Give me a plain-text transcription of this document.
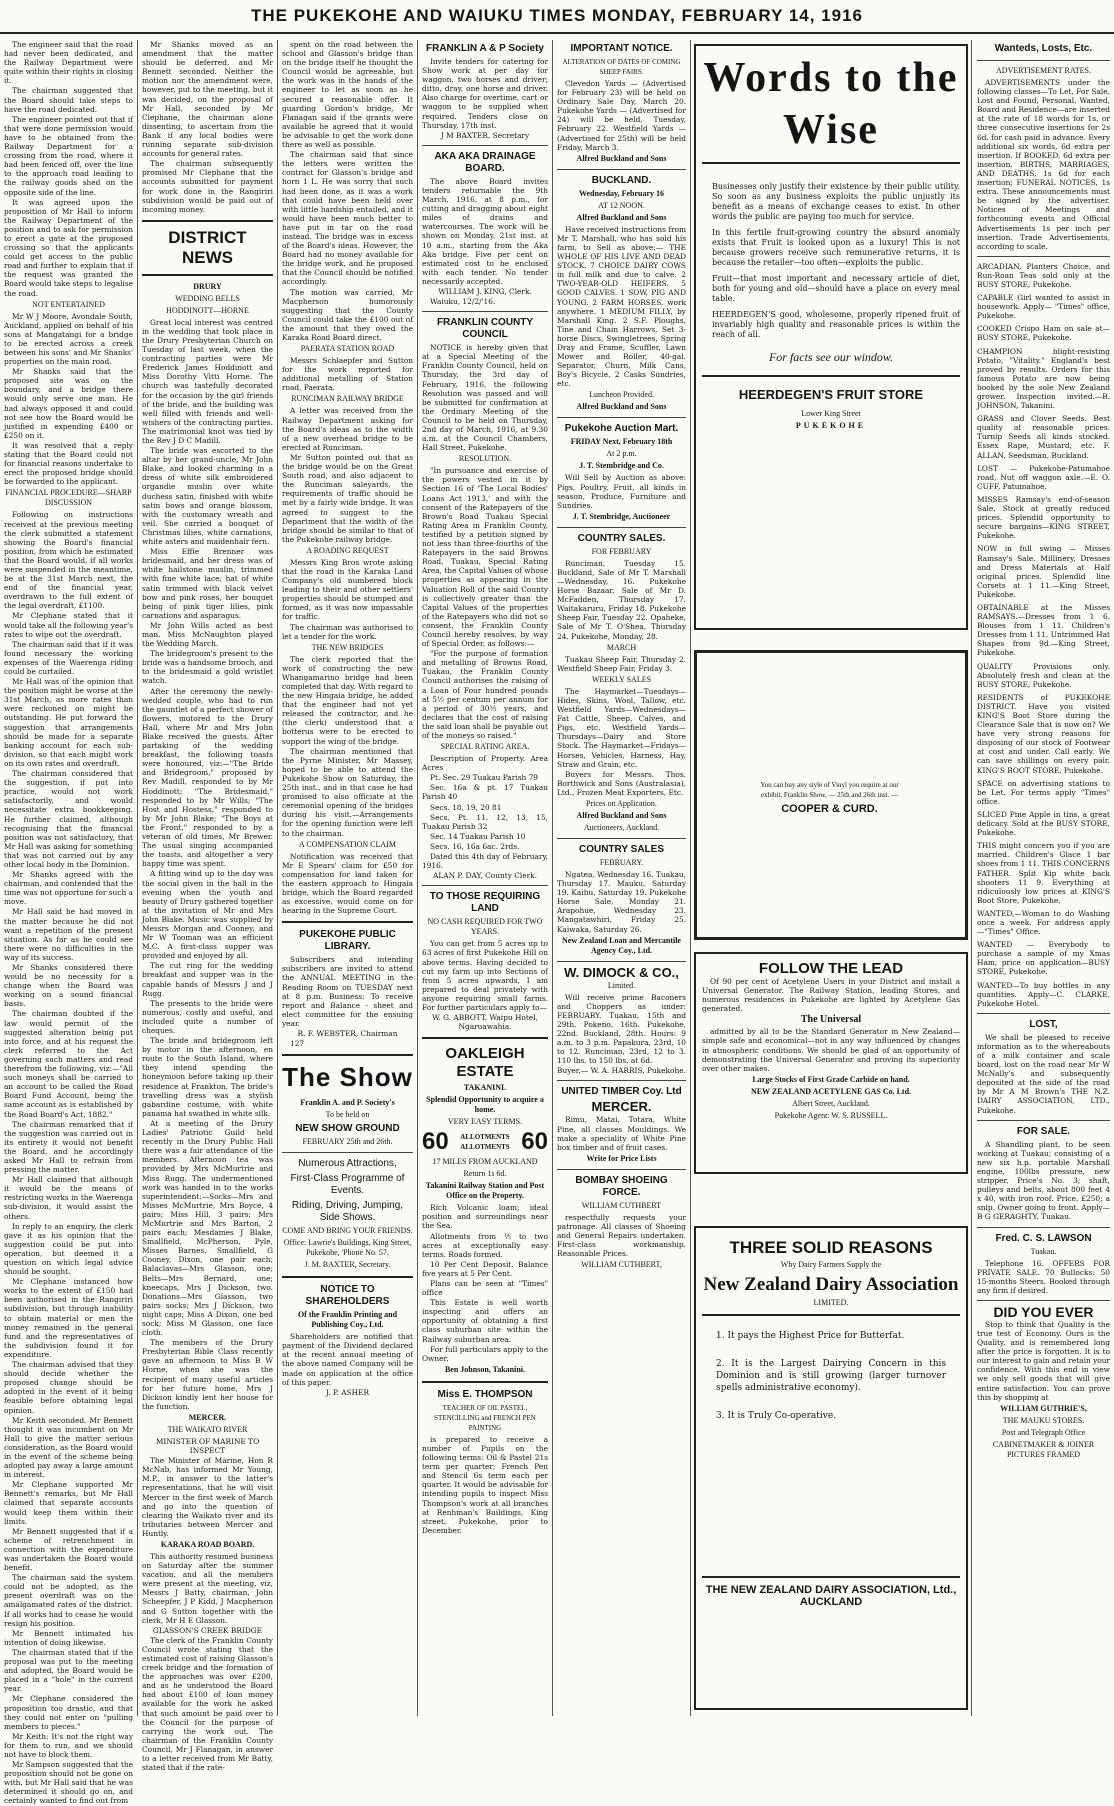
THE PUKEKOHE AND WAIUKU TIMES MONDAY, FEBRUARY 14, 1916

The engineer said that the road had never been dedicated, and the Railway Department were quite within their rights in closing it.

The chairman suggested that the Board should take steps to have the road dedicated.

The engineer pointed out that if that were done permission would have to be obtained from the Railway Department for a crossing from the road, where it had been fenced off, over the line to the approach road leading to the railway goods shed on the opposite side of the line.

It was agreed upon the proposition of Mr Hall to inform the Railway Department of the position and to ask for permission to erect a gate at the proposed crossing so that the applicants could get access to the public road and further to explain that if the request was granted the Board would take steps to legalise the road.

NOT ENTERTAINED

Mr W J Moore, Avondale South, Auckland, applied on behalf of his sons at Mangatangi for a bridge to be erected across a creek between his sons' and Mr Shanks' properties on the main road.

Mr Shanks said that the proposed site was on the boundary, and a bridge there would only serve one man. He had always opposed it and could not see how the Board would be justified in expending £400 or £250 on it.

It was resolved that a reply stating that the Board could not for financial reasons undertake to erect the proposed bridge should be forwarded to the applicant.

FINANCIAL PROCEDURE—SHARP DISCUSSION

Following on instructions received at the previous meeting the clerk submitted a statement showing the Board's financial position, from which he estimated that the Board would, if all works were suspended in the meantime, be at the 31st March next, the end of the financial year, overdrawn to the full extent of the legal overdraft, £1100.

Mr Clephane stated that it would take all the following year's rates to wipe out the overdraft.

The chairman said that if it was found necessary the working expenses of the Waerenga riding could be curtailed.

Mr Hall was of the opinion that the position might be worse at the 31st March, as more rates than were reckoned on might be outstanding. He put forward the suggestion that arrangements should be made for a separate banking account for each sub-division, so that each might work on its own rates and overdraft.

The chairman considered that the suggestion, if put into practice, would not work satisfactorily, and would necessitate extra bookkeeping. He further claimed, although recognising that the financial position was not satisfactory, that Mr Hall was asking for something that was not carried out by any other local body in the Dominion.

Mr Shanks agreed with the chairman, and contended that the time was not opportune for such a move.

Mr Hall said he had moved in the matter because he did not want a repetition of the present situation. As far as he could see there were no difficulties in the way of its success.

Mr Shanks considered there would be no necessity for a change when the Board was working on a sound financial basis.

The chairman doubted if the law would permit of the suggested alteration being put into force, and at his request the clerk referred to the Act governing such matters and read therefrom the following, viz:—"All such moneys shall be carried to an account to be called the Road Board Fund Account, being the same account as is established by the Road Board's Act, 1882."

The chairman remarked that if the suggestion was carried out in its entirety it would not benefit the Board, and he accordingly asked Mr Hall to refrain from pressing the matter.

Mr Hall claimed that although it would be the means of restricting works in the Waerenga sub-division, it would assist the others.

In reply to an enquiry, the clerk gave it as his opinion that the suggestion could be put into operation, but deemed it a question on which legal advice should be sought.

Mr Clephane instanced how works to the extent of £150 had been authorised in the Rangiriri subdivision, but through inability to obtain material or men the money remained in the general fund and the representatives of the subdivision found it for expenditure.

The chairman advised that they should decide whether the proposed change should be adopted in the event of it being feasible before obtaining legal opinion.

Mr Keith seconded. Mr Bennett thought it was incumbent on Mr Hall to give the matter serious consideration, as the Board would in the event of the scheme being adopted pay away a large amount in interest.

Mr Clephane supported Mr Bennett's remarks, but Mr Hall claimed that separate accounts would keep them within their limits.

Mr Bennett suggested that if a scheme of retrenchment in connection with the expenditure was undertaken the Board would benefit.

The chairman said the system could not be adopted, as the present overdraft was on the amalgamated rates of the district. If all works had to cease he would resign his position.

Mr Bennett intimated his intention of doing likewise.

The chairman stated that if the proposal was put to the meeting and adopted, the Board would be placed in a "hole" in the current year.

Mr Clephane considered the proposition too drastic, and that they could not enter on "pulling members to pieces."

Mr Keith: It's not the right way for them to run, and we should not have to block them.

Mr Sampson suggested that the proposition should not be gone on with, but Mr Hall said that he was determined it should go on, and certainly wanted to find out from

Mr Shanks moved as an amendment that the matter should be deferred, and Mr Bennett seconded. Neither the motion nor the amendment were, however, put to the meeting, but it was decided, on the proposal of Mr Hall, seconded by Mr Clephane, the chairman alone dissenting, to ascertain from the Bank if any local bodies were running separate sub-division accounts for general rates.

The chairman subsequently promised Mr Clephane that the accounts submitted for payment for work done in the Rangiriri subdivision would be paid out of incoming money.

DISTRICT NEWS
DRURY
WEDDING BELLS
HODDINOTT—HORNE

Great local interest was centred in the wedding that took place in the Drury Presbyterian Church on Tuesday of last week, when the contracting parties were Mr Frederick James Hoddinott and Miss Dorothy Vitti Horne. The church was tastefully decorated for the occasion by the girl friends of the bride, and the building was well filled with friends and well-wishers of the contracting parties. The matrimonial knot was tied by the Rev J D C Madill.

The bride was escorted to the altar by her grand-uncle, Mr John Blake, and looked charming in a dress of white silk embroidered organdie muslin over white duchess satin, finished with white satin bows and orange blossom, with the customary wreath and veil. She carried a bouquet of Christmas lilies, white carnations, white asters and maidenhair fern.

Miss Effie Brenner was bridesmaid, and her dress was of white hailstone muslin, trimmed with fine white lace; hat of white satin trimmed with black velvet bow and pink roses, her bouquet being of pink tiger lilies, pink carnations and asparagus.

Mr John Wills acted as best man. Miss McNaughton played the Wedding March.

The bridegroom's present to the bride was a handsome brooch, and to the bridesmaid a gold wristlet watch.

After the ceremony the newly-wedded couple, who had to run the gauntlet of a perfect shower of flowers, motored to the Drury Hall, where Mr and Mrs John Blake received the guests. After partaking of the wedding breakfast, the following toasts were honoured, viz:—"The Bride and Bridegroom," proposed by Rev Madill, responded to by Mr Hoddinott; "The Bridesmaid," responded to by Mr Wills; "The Host and Hostess," responded to by Mr John Blake; "The Boys at the Front," responded to by a veteran of old times, Mr Brewer. The usual singing accompanied the toasts, and altogether a very happy time was spent.

A fitting wind up to the day was the social given in the hall in the evening when the youth and beauty of Drury gathered together at the invitation of Mr and Mrs John Blake. Music was supplied by Messrs Morgan and Cooney, and Mr W Tooman was an efficient M.C. A first-class supper was provided and enjoyed by all.

The cut ring for the wedding breakfast and supper was in the capable hands of Messrs J and J Rugg.

The presents to the bride were numerous, costly and useful, and included quite a number of cheques.

The bride and bridegroom left by motor in the afternoon, en route to the South Island, where they intend spending the honeymoon before taking up their residence at Frankton. The bride's travelling dress was a stylish gabardine costume, with white panama hat swathed in white silk.

At a meeting of the Drury Ladies' Patriotic Guild held recently in the Drury Public Hall there was a fair attendance of the members. Afternoon tea was provided by Mrs McMurtrie and Miss Rugg. The undermentioned work was handed in to the works superintendent:—Socks—Mrs and Misses McMurtrie, Mrs Boyce, 4 pairs; Miss Hill, 3 pairs; Mrs McMurtrie and Mrs Barton, 2 pairs each; Mesdames J Blake, Smallfield, McPherson, Pyle, Misses Barnes, Smallfield, G Cooney, Dixon, one pair each; Balaclavas—Mrs Glasson, one; Belts—Mrs Bernard, one; kneecaps, Mrs J Dickson, two. Donations—Mrs Glasson, two pairs socks; Mrs J Dickson, two night caps; Miss A Dixon, one bed sock; Miss M Glasson, one face cloth.

The members of the Drury Presbyterian Bible Class recently gave an afternoon to Miss B W Horne, when she was the recipient of many useful articles for her future home, Mrs J Dickson kindly lent her house for the function.

MERCER.
THE WAIKATO RIVER

MINISTER OF MARINE TO INSPECT

The Minister of Marine, Hon R McNab, has informed Mr Young, M.P., in answer to the latter's representations, that he will visit Mercer in the first week of March and go into the question of clearing the Waikato river and its tributaries between Mercer and Huntly.

KARAKA ROAD BOARD.

This authority resumed business on Saturday after the summer vacation, and all the members were present at the meeting, viz, Messrs J Batty, chairman, John Scheepfer, J P Kidd, J Macpherson and G Sutton together with the clerk, Mr H E Glasson.

GLASSON'S CREEK BRIDGE

The clerk of the Franklin County Council wrote stating that the estimated cost of raising Glasson's creek bridge and the formation of the approaches was over £200, and as he understood the Board had about £100 of loan money available for the work he asked that such amount be paid over to the Council for the purpose of carrying the work out. The chairman of the Franklin County Council, Mr J Flanagan, in answer to a letter received from Mr Batty, stated that if the rate-

spent on the road between the school and Glasson's bridge than on the bridge itself he thought the Council would be agreeable, but the work was in the hands of the engineer to let as soon as he secured a reasonable offer. It guarding Gordon's bridge, Mr Flanagan said if the grants were available he agreed that it would be advisable to get the work done there as well as possible.

The chairman said that since the letters were written the contract for Glasson's bridge and horn 1 L. He was sorry that such had been done, as it was a work that could have been held over with little hardship entailed, and it would have been much better to have put in tar on the road instead. The bridge was in excess of the Board's ideas. However, the Board had no money available for the bridge work, and he proposed that the Council should be notified accordingly.

The motion was carried, Mr Macpherson humorously suggesting that the County Council could take the £100 out of the amount that they owed the Karaka Road Board direct.

PAERATA STATION ROAD

Messrs Schlaepfer and Sutton for the work reported for additional metalling of Station road, Paerata.

RUNCIMAN RAILWAY BRIDGE

A letter was received from the Railway Department asking for the Board's ideas as to the width of a new overhead bridge to be erected at Runciman.

Mr Sutton pointed out that as the bridge would be on the Great South road, and also adjacent to the Runciman saleyards, the requirements of traffic should be met by a fairly wide bridge. It was agreed to suggest to the Department that the width of the bridge should be similar to that of the Pukekohe railway bridge.

A ROADING REQUEST

Messrs King Bros wrote asking that the road in the Karaka Land Company's old numbered block leading to their and other settlers' properties should be stumped and formed, as it was now impassable for traffic.

The chairman was authorised to let a tender for the work.

THE NEW BRIDGES

The clerk reported that the work of constructing the new Whangamarino bridge had been completed that day. With regard to the new Hingaia bridge, he added that the engineer had not yet released the contractor, and he (the clerk) understood that a botterus were to be erected to support the wing of the bridge.

The chairman mentioned that the Pyrne Minister, Mr Massey, hoped to be able to attend the Pukekohe Show on Saturday, the 25th inst., and in that case he had promised to also officiate at the ceremonial opening of the bridges during his visit.—Arrangements for the opening function were left to the chairman.

A COMPENSATION CLAIM

Notification was received that Mr E Spears' claim for £50 for compensation for land taken for the eastern approach to Hingaia bridge, which the Board regarded as excessive, would come on for hearing in the Supreme Court.

PUKEKOHE PUBLIC LIBRARY.

Subscribers and intending subscribers are invited to attend the ANNUAL MEETING in the Reading Room on TUESDAY next at 8 p.m. Business: To receive report and Balance - sheet and elect committee for the ensuing year.

R. F. WEBSTER, Chairman

127

The Show
Franklin A. and P. Society's
To be held on
NEW SHOW GROUND
FEBRUARY 25th and 26th.
Numerous Attractions,
First-Class Programme of Events.
Riding, Driving, Jumping, Side Shows.
COME AND BRING YOUR FRIENDS.
Office: Lawrie's Buildings, King Street, Pukekohe, 'Phone No. 57.
J. M. BAXTER, Secretary.
NOTICE TO SHAREHOLDERS
Of the Franklin Printing and Publishing Coy., Ltd.

Shareholders are notified that payment of the Dividend declared at the recent annual meeting of the above named Company will be made on application at the office of this paper.

J. P. ASHER

FRANKLIN A & P Society

Invite tenders for catering for Show work at per day for waggon, two horses and driver; ditto, dray, one horse and driver. Also charge for overtime, cart or waggon to be supplied when required. Tenders close on Thursday, 17th inst.

J M BAXTER, Secretary

AKA AKA DRAINAGE BOARD.

The above Board invites tenders returnable the 9th March, 1916, at 8 p.m., for cutting and dragging about eight miles of drains and watercourses. The work will be shown on Monday, 21st inst. at 10 a.m., starting from the Aka Aka bridge. Five per cent on estimated cost to be enclosed with each tender. No tender necessarily accepted.

WILLIAM J. KING, Clerk.

Waiuku, 12/2/'16.

FRANKLIN COUNTY COUNCIL

NOTICE is hereby given that at a Special Meeting of the Franklin County Council, held on Thursday, the 3rd day of February, 1916, the following Resolution was passed and will be submitted for confirmation at the Ordinary Meeting of the Council to be held on Thursday, 2nd day of March, 1916, at 9.30 a.m. at the Council Chambers, Hall Street, Pukekohe.

RESOLUTION.

"In pursuance and exercise of the powers vested in it by Section 16 of 'The Local Bodies' Loans Act 1913,' and with the consent of the Ratepayers of the Brown's Road Tuakau Special Rating Area in Franklin County, testified by a petition signed by not less than three-fourths of the Ratepayers in the said Browns Road, Tuakau, Special Rating Area, the Capital Values of whose properties as appearing in the Valuation Roll of the said County is collectively greater than the Capital Values of the properties of the Ratepayers who did not so consent, the Franklin County Council hereby resolves, by way of Special Order, as follows:—

"For the purpose of formation and metalling of Browns Road, Tuakau, the Franklin County Council authorises the raising of a Loan of Four hundred pounds at 5½ per centum per annum for a period of 30½ years, and declares that the cost of raising the said loan shall be payable out of the moneys so raised."

SPECIAL RATING AREA.

Description of Property. Area Acres

Pt. Sec. 29 Tuakau Parish 79

Sec. 16a & pt. 17 Tuakau Parish 40

Secs. 18, 19, 20 81

Secs. Pt. 11, 12, 13, 15, Tuakau Parish 32

Sec. 14 Tuakau Parish 10

Secs. 16, 16a 6ac. 2rds.

Dated this 4th day of February, 1916.

ALAN P. DAY, County Clerk.

TO THOSE REQUIRING LAND
NO CASH REQUIRED FOR TWO YEARS.

You can get from 5 acres up to 63 acres of first Pukekohe Hill on above terms. Having decided to cut my farm up into Sections of from 5 acres upwards, I am prepared to deal privately with anyone requiring small farms. For further particulars apply to—

W. G. ABBOTT, Waipu Hotel, Ngaruawahia.

OAKLEIGH ESTATE
TAKANINI.
Splendid Opportunity to acquire a home.
VERY EASY TERMS.
60	ALLOTMENTS ALLOTMENTS 60
17 MILES FROM AUCKLAND
Return 1s 6d.
Takanini Railway Station and Post Office on the Property.

Rich Volcanic loam; ideal position and surroundings near the Sea.

Allotments from ½ to two acres at exceptionally easy terms. Roads formed.

10 Per Cent Deposit. Balance five years at 5 Per Cent.

Plans can be seen at "Times" office

This Estate is well worth inspecting and offers an opportunity of obtaining a first class suburban site within the Railway suburban area.

For full particulars apply to the Owner,

Ben Johnson, Takanini.
Miss E. THOMPSON
TEACHER OF OIL PASTEL, STENCILLING and FRENCH PEN PAINTING

is prepared to receive a number of Pupils on the following terms: Oil & Pastel 21s term per quarter; French Pen and Stencil 6s term each per quarter. It would be advisable for intending pupils to inspect Miss Thompson's work at all branches at Renhman's Buildings, King street, Pukekohe, prior to December.

IMPORTANT NOTICE.
ALTERATION OF DATES OF COMING SHEEP FAIRS.

Clevedon Yards — (Advertised for February 23) will be held on Ordinary Sale Day, March 20. Pukekohe Yards — (Advertised for 24) will be held, Tuesday, February 22. Westfield Yards — (Advertised for 25th) will be held Friday, March 3.

Alfred Buckland and Sons
BUCKLAND.
Wednesday, February 16
AT 12 NOON.
Alfred Buckland and Sons

Have received instructions from Mr T. Marshall, who has sold his farm, to Sell as above:— THE WHOLE OF HIS LIVE AND DEAD STOCK. 7 CHOICE DAIRY COWS in full milk and due to calve. 2 TWO-YEAR-OLD HEIFERS. 5 GOOD CALVES. 1 SOW, PIG AND YOUNG. 2 FARM HORSES, work anywhere. 1 MEDIUM FILLY, by Marshall King. 2 S.F. Ploughs, Tine and Chain Harrows, Set 3-horse Discs, Swingletrees, Spring Dray and Frame, Scuffler, Lawn Mower and Roller, 40-gal. Separator, Churn, Milk Cans, Boy's Bicycle, 2 Casks Sundries, etc.

Luncheon Provided.
Alfred Buckland and Sons
Pukekohe Auction Mart.
FRIDAY Next, February 18th
At 2 p.m.
J. T. Stembridge and Co.

Will Sell by Auction as above: Pigs, Poultry, Fruit, all kinds in season, Produce, Furniture and Sundries.

J. T. Stembridge, Auctioneer
COUNTRY SALES.
FOR FEBRUARY

Runciman, Tuesday 15. Buckland, Sale of Mr T. Marshall—Wednesday, 16. Pukekohe Horse Bazaar, Sale of Mr D. McFadden, Thursday 17. Waitakaruru, Friday 18. Pukekohe Sheep Fair, Tuesday 22. Opaheke, Sale of Mr T. O'Shea, Thursday 24. Pukekohe, Monday, 28.

MARCH

Tuakau Sheep Fair, Thursday 2. Westfield Sheep Fair, Friday 3.

WEEKLY SALES

The Haymarket—Tuesdays—Hides, Skins, Wool, Tallow, etc. Westfield Yards—Wednesdays—Fat Cattle, Sheep, Calves, and Pigs, etc. Westfield Yards—Thursdays—Dairy and Store Stock. The Haymarket—Fridays—Horses, Vehicles, Harness, Hay, Straw and Grain, etc.

Buyers for Messrs. Thos. Borthwick and Sons (Australasia), Ltd., Frozen Meat Exporters, Etc.

Prices on Application.
Alfred Buckland and Sons
Auctioneers, Auckland.
COUNTRY SALES
FEBRUARY.

Ngatea, Wednesday 16. Tuakau, Thursday 17. Mauku, Saturday 19. Kaihu, Saturday 19. Pukekohe Horse Sale, Monday 21. Arapohue, Wednesday 23. Mangatawhiri, Friday 25. Kaiwaka, Saturday 26.

New Zealand Loan and Mercantile Agency Coy., Ltd.
W. DIMOCK & CO.,
Limited.

Will receive prime Baconers and Choppers as under: FEBRUARY. Tuakau, 15th and 29th. Pokeno, 16th. Pukekohe, 22nd. Buckland, 28th. Hours: 9 a.m. to 3 p.m. Papakura, 23rd, 10 to 12. Runciman, 23rd, 12 to 3. 110 lbs. to 150 lbs. at 6d.

Buyer,— W. A. HARRIS, Pukekohe.

UNITED TIMBER Coy. Ltd
MERCER.

Rimu, Matai, Totara, White Pine, all classes Mouldings. We make a speciality of White Pine box timber and of fruit cases.

Write for Price Lists
BOMBAY SHOEING FORCE.
WILLIAM CUTHBERT

respectfully requests your patronage. All classes of Shoeing and General Repairs undertaken. First-class workmanship. Reasonable Prices.

WILLIAM CUTHBERT,
Words to the Wise

Businesses only justify their existence by their public utility. So soon as any business exploits the public unjustly its benefit as a means of exchange ceases to exist. In other words the public are paying too much for service.

In this fertile fruit-growing country the absurd anomaly exists that Fruit is looked upon as a luxury! This is not because growers receive such remunerative returns, it is because the retailer—too often—exploits the public.

Fruit—that most important and necessary article of diet, both for young and old—should have a place on every meal table.

HEERDEGEN'S good, wholesome, properly ripened fruit of invariably high quality and reasonable prices is within the reach of all.

For facts see our window.
HEERDEGEN'S FRUIT STORE
Lower King Street
PUKEKOHE
You can buy any style of Vinyl you require at our exhibit, Franklin Show, — 25th and 26th inst. —
COOPER & CURD.
FOLLOW THE LEAD

Of 90 per cent of Acetylene Users in your District and install a Universal Generator. The Railway Station, leading Stores, and numerous residences in Pukekohe are lighted by Acetylene Gas generated.

The Universal

admitted by all to be the Standard Generator in New Zealand—simple safe and economical—not in any way influenced by changes in atmospheric conditions. We should be glad of an opportunity of demonstrating the Universal Generator and proving its superiority over other makes.

Large Stocks of First Grade Carbide on hand.
NEW ZEALAND ACETYLENE GAS Co. Ltd.
Albert Street, Auckland.
Pukekohe Agent: W. S. RUSSELL.
THREE SOLID REASONS
Why Dairy Farmers Supply the
New Zealand Dairy Association
LIMITED.

1. It pays the Highest Price for Butterfat.

2. It is the Largest Dairying Concern in this Dominion and is still growing (larger turnover spells administrative economy).

3. It is Truly Co-operative.

THE NEW ZEALAND DAIRY ASSOCIATION, Ltd., AUCKLAND
Wanteds, Losts, Etc.
ADVERTISEMENT RATES.

ADVERTISEMENTS under the following classes—To Let, For Sale, Lost and Found, Personal, Wanted, Board and Residence—are inserted at the rate of 18 words for 1s, or three consecutive insertions for 2s 6d. for cash paid in advance. Every additional six words, 6d extra per insertion. If BOOKED, 6d extra per insertion. BIRTHS, MARRIAGES, AND DEATHS, 1s 6d for each insertion; FUNERAL NOTICES, 1s extra. These announcements must be signed by the advertiser. Notices of Meetings and forthcoming events and Official Advertisements 1s per inch per insertion. Trade Advertisements, according to scale.

ARCADIAN, Planters Choice, and Run-Roan Teas sold only at the BUSY STORE, Pukekohe.
CAPABLE Girl wanted to assist in housework. Apply— "Times" office, Pukekohe.
COOKED Crispo Ham on sale at—BUSY STORE, Pukekohe.
CHAMPION blight-resisting Potato, "Vitality." England's best proved by results. Orders for this famous Potato are now being booked by the sole New Zealand grower. Inspection invited.—B. JOHNSON, Takanini.
GRASS and Clover Seeds. Best quality at reasonable prices. Turnip Seeds all kinds stocked. Essex Rape, Mustard, etc. F. ALLAN, Seedsman, Buckland.
LOST — Pukekohe-Patumahoe road, Nut off waggon axle.—E. O. CUFF, Patumahoe.
MISSES Ramsay's end-of-season Sale. Stock at greatly reduced prices. Splendid opportunity to secure bargains—KING STREET, Pukekohe.
NOW in full swing — Misses Ramsay's Sale. Millinery, Dresses and Dress Materials at Half original prices. Splendid line Corsets at 1 11.—King Street, Pukekohe.
OBTAINABLE at the Misses RAMSAYS.—Dresses from 1 6. Blouses from 1 11. Children's Dresses from 1 11. Untrimmed Hat Shapes from 9d.—King Street, Pukekohe.
QUALITY Provisions only. Absolutely fresh and clean at the BUSY STORE, Pukekohe.
RESIDENTS of PUKEKOHE DISTRICT. Have you visited KING'S Boot Store during the Clearance Sale that is now on? We have very strong reasons for disposing of our stock of Footwear at cost and under. Call early. We can save shillings on every pair. KING'S BOOT STORE, Pukekohe.
SPACE on advertising stations to be Let. For terms apply "Times" office.
SLICED Pine Apple in tins, a great delicacy. Sold at the BUSY STORE, Pukekohe.
THIS might concern you if you are married. Children's Glace 1 bar shoes from 1 11. THIS CONCERNS FATHER. Split Kip white back shooters 11 9. Everything at ridiculously low prices at KING'S Boot Store, Pukekohe.
WANTED,—Woman to do Washing once a week. For address apply—"Times" Office.
WANTED — Everybody to purchase a sample of my Xmas Ham, price on application—BUSY STORE, Pukekohe.
WANTED—To buy bottles in any quantities. Apply—C. CLARKE, Pukekohe Hotel.
LOST,

We shall be pleased to receive information as to the whereabouts of a milk container and scale board, lost on the road near Mr W McNally's and subsequently deposited at the side of the road by Mr A M Brown's THE N.Z. DAIRY ASSOCIATION, LTD., Pukekohe.

FOR SALE.

A Shandling plant, to be seen working at Tuakau; consisting of a new six h.p. portable Marshall engine, 100lbs pressure, new stripper, Price's No. 3; shaft, pulleys and belts, about 800 feet 4 x 40, with iron roof. Price, £250; a snip. Owner going to front. Apply— B G GERAGHTY, Tuakau.

Fred. C. S. LAWSON
Tuakau.

Telephone 16. OFFERS FOR PRIVATE SALE. 70 Bullocks: 50 15-months Steers. Booked through any firm if desired.

DID YOU EVER

Stop to think that Quality is the true test of Economy. Ours is the Quality, and is remembered long after the price is forgotten. It is to our interest to gain and retain your confidence. With this end in view we only sell goods that will give entire satisfaction. You can prove this by shopping at

WILLIAM GUTHRIE'S,
THE MAUKU STORES.
Post and Telegraph Office
CABINETMAKER & JOINER PICTURES FRAMED
